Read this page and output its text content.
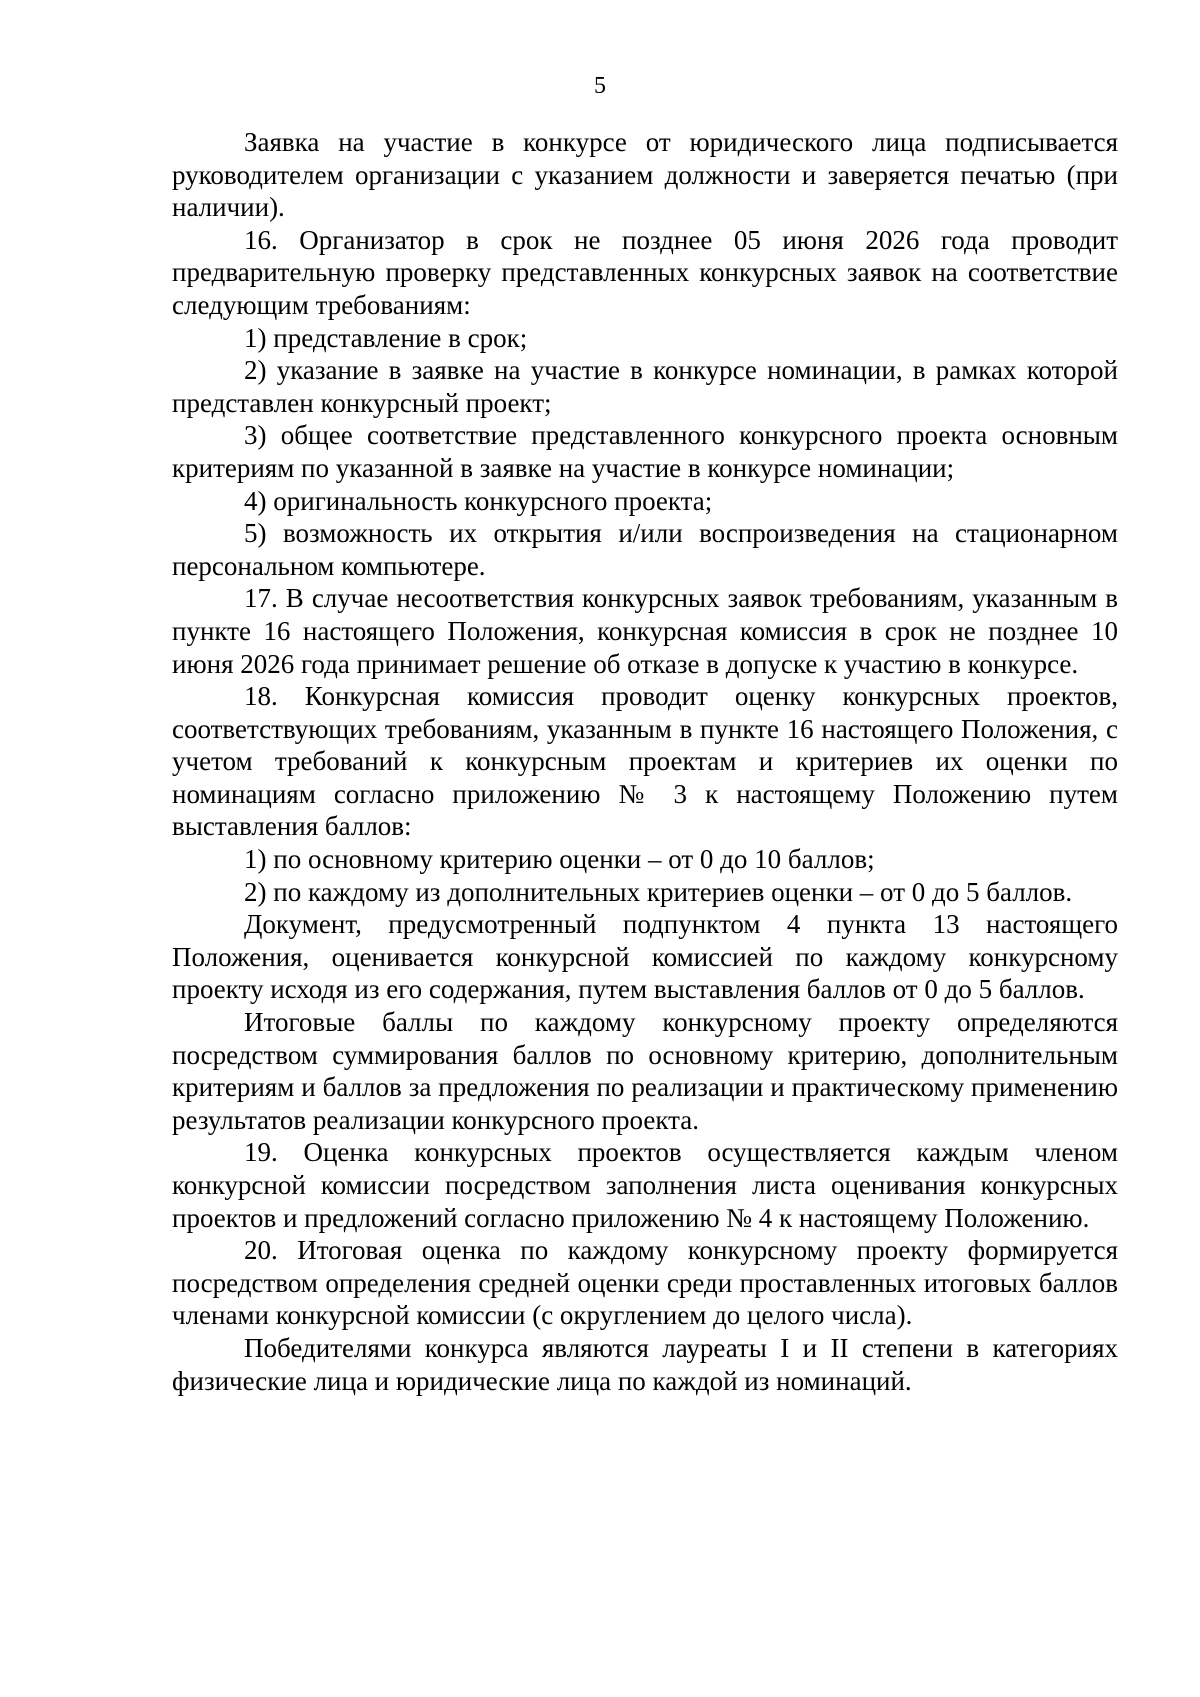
5

Заявка на участие в конкурсе от юридического лица подписывается руководителем организации с указанием должности и заверяется печатью (при наличии).

16. Организатор в срок не позднее 05 июня 2026 года проводит предварительную проверку представленных конкурсных заявок на соответствие следующим требованиям:

1) представление в срок;

2) указание в заявке на участие в конкурсе номинации, в рамках которой представлен конкурсный проект;

3) общее соответствие представленного конкурсного проекта основным критериям по указанной в заявке на участие в конкурсе номинации;

4) оригинальность конкурсного проекта;

5) возможность их открытия и/или воспроизведения на стационарном персональном компьютере.

17. В случае несоответствия конкурсных заявок требованиям, указанным в пункте 16 настоящего Положения, конкурсная комиссия в срок не позднее 10 июня 2026 года принимает решение об отказе в допуске к участию в конкурсе.

18. Конкурсная комиссия проводит оценку конкурсных проектов, соответствующих требованиям, указанным в пункте 16 настоящего Положения, с учетом требований к конкурсным проектам и критериев их оценки по номинациям согласно приложению № 3 к настоящему Положению путем выставления баллов:

1) по основному критерию оценки – от 0 до 10 баллов;

2) по каждому из дополнительных критериев оценки – от 0 до 5 баллов.

Документ, предусмотренный подпунктом 4 пункта 13 настоящего Положения, оценивается конкурсной комиссией по каждому конкурсному проекту исходя из его содержания, путем выставления баллов от 0 до 5 баллов.

Итоговые баллы по каждому конкурсному проекту определяются посредством суммирования баллов по основному критерию, дополнительным критериям и баллов за предложения по реализации и практическому применению результатов реализации конкурсного проекта.

19. Оценка конкурсных проектов осуществляется каждым членом конкурсной комиссии посредством заполнения листа оценивания конкурсных проектов и предложений согласно приложению № 4 к настоящему Положению.

20. Итоговая оценка по каждому конкурсному проекту формируется посредством определения средней оценки среди проставленных итоговых баллов членами конкурсной комиссии (с округлением до целого числа).

Победителями конкурса являются лауреаты I и II степени в категориях физические лица и юридические лица по каждой из номинаций.
